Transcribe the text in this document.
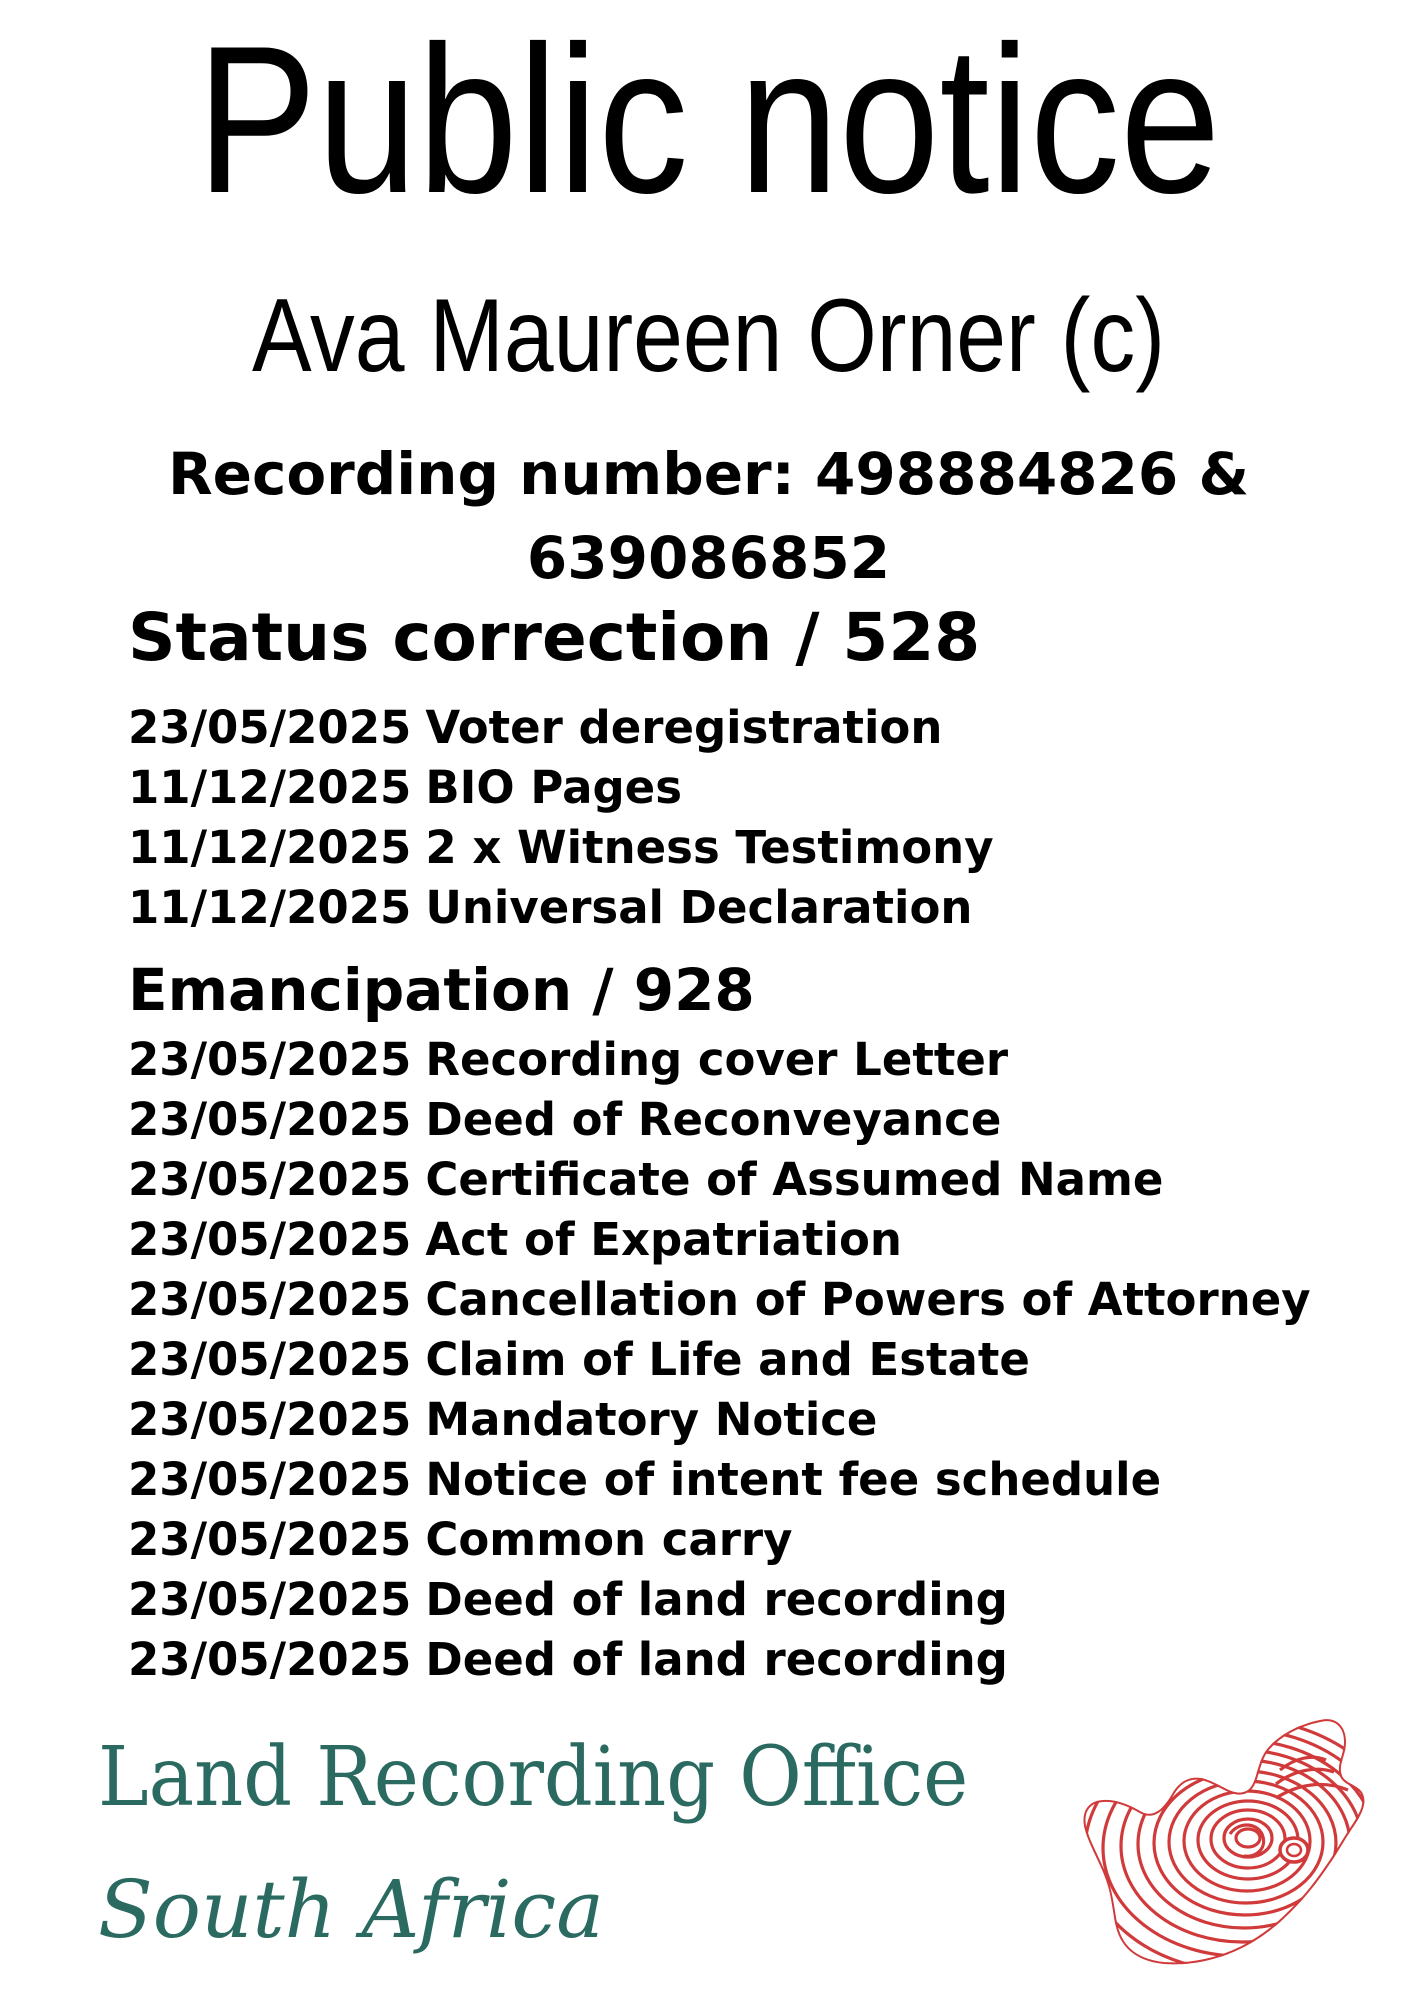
Public notice
Ava Maureen Orner (c)
Recording number: 498884826 &
639086852
Status correction / 528
23/05/2025 Voter deregistration
11/12/2025 BIO Pages
11/12/2025 2 x Witness Testimony
11/12/2025 Universal Declaration
Emancipation / 928
23/05/2025 Recording cover Letter
23/05/2025 Deed of Reconveyance
23/05/2025 Certificate of Assumed Name
23/05/2025 Act of Expatriation
23/05/2025 Cancellation of Powers of Attorney
23/05/2025 Claim of Life and Estate
23/05/2025 Mandatory Notice
23/05/2025 Notice of intent fee schedule
23/05/2025 Common carry
23/05/2025 Deed of land recording
23/05/2025 Deed of land recording
Land Recording Office
South Africa
